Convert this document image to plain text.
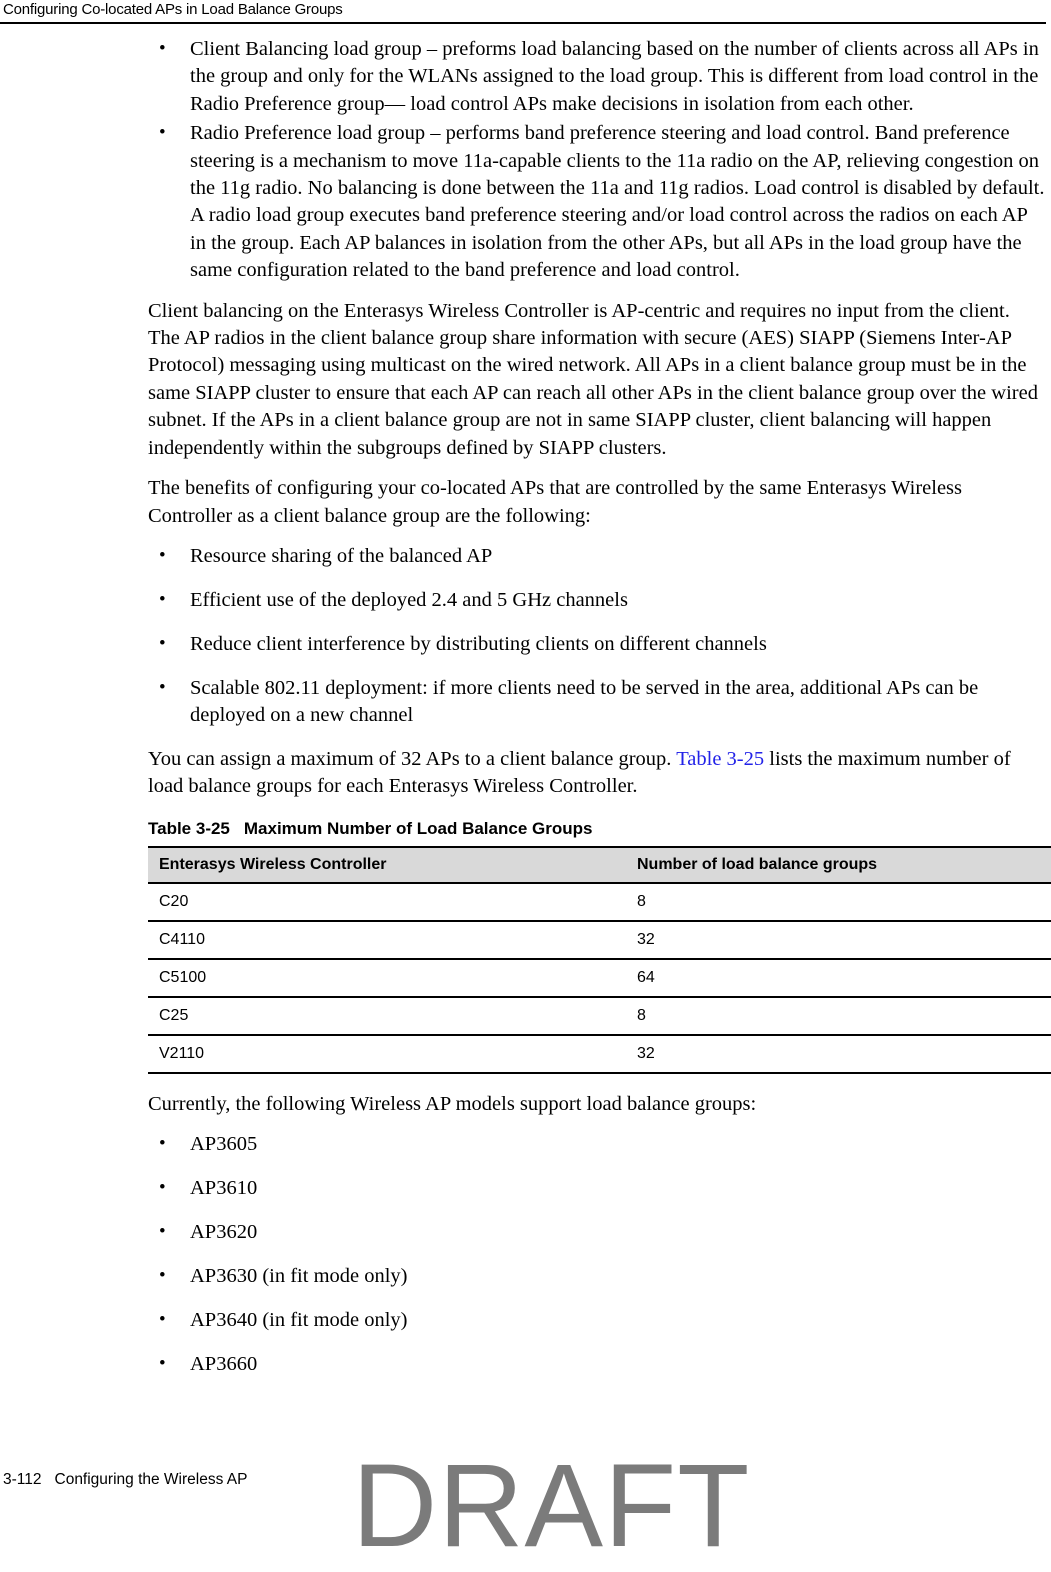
Configuring Co-located APs in Load Balance Groups
• Client Balancing load group – preforms load balancing based on the number of clients across all APs in the group and only for the WLANs assigned to the load group. This is different from load control in the Radio Preference group— load control APs make decisions in isolation from each other.
• Radio Preference load group – performs band preference steering and load control. Band preference steering is a mechanism to move 11a-capable clients to the 11a radio on the AP, relieving congestion on the 11g radio. No balancing is done between the 11a and 11g radios. Load control is disabled by default. A radio load group executes band preference steering and/or load control across the radios on each AP in the group. Each AP balances in isolation from the other APs, but all APs in the load group have the same configuration related to the band preference and load control.

Client balancing on the Enterasys Wireless Controller is AP-centric and requires no input from the client. The AP radios in the client balance group share information with secure (AES) SIAPP (Siemens Inter-AP Protocol) messaging using multicast on the wired network. All APs in a client balance group must be in the same SIAPP cluster to ensure that each AP can reach all other APs in the client balance group over the wired subnet. If the APs in a client balance group are not in same SIAPP cluster, client balancing will happen independently within the subgroups defined by SIAPP clusters.

The benefits of configuring your co-located APs that are controlled by the same Enterasys Wireless Controller as a client balance group are the following:

• Resource sharing of the balanced AP
• Efficient use of the deployed 2.4 and 5 GHz channels
• Reduce client interference by distributing clients on different channels
• Scalable 802.11 deployment: if more clients need to be served in the area, additional APs can be deployed on a new channel

You can assign a maximum of 32 APs to a client balance group. Table 3-25 lists the maximum number of load balance groups for each Enterasys Wireless Controller.

Table 3-25 Maximum Number of Load Balance Groups
Enterasys Wireless Controller	Number of load balance groups
C20	8
C4110	32
C5100	64
C25	8
V2110	32

Currently, the following Wireless AP models support load balance groups:

• AP3605
• AP3610
• AP3620
• AP3630 (in fit mode only)
• AP3640 (in fit mode only)
• AP3660
3-112 Configuring the Wireless AP DRAFT
